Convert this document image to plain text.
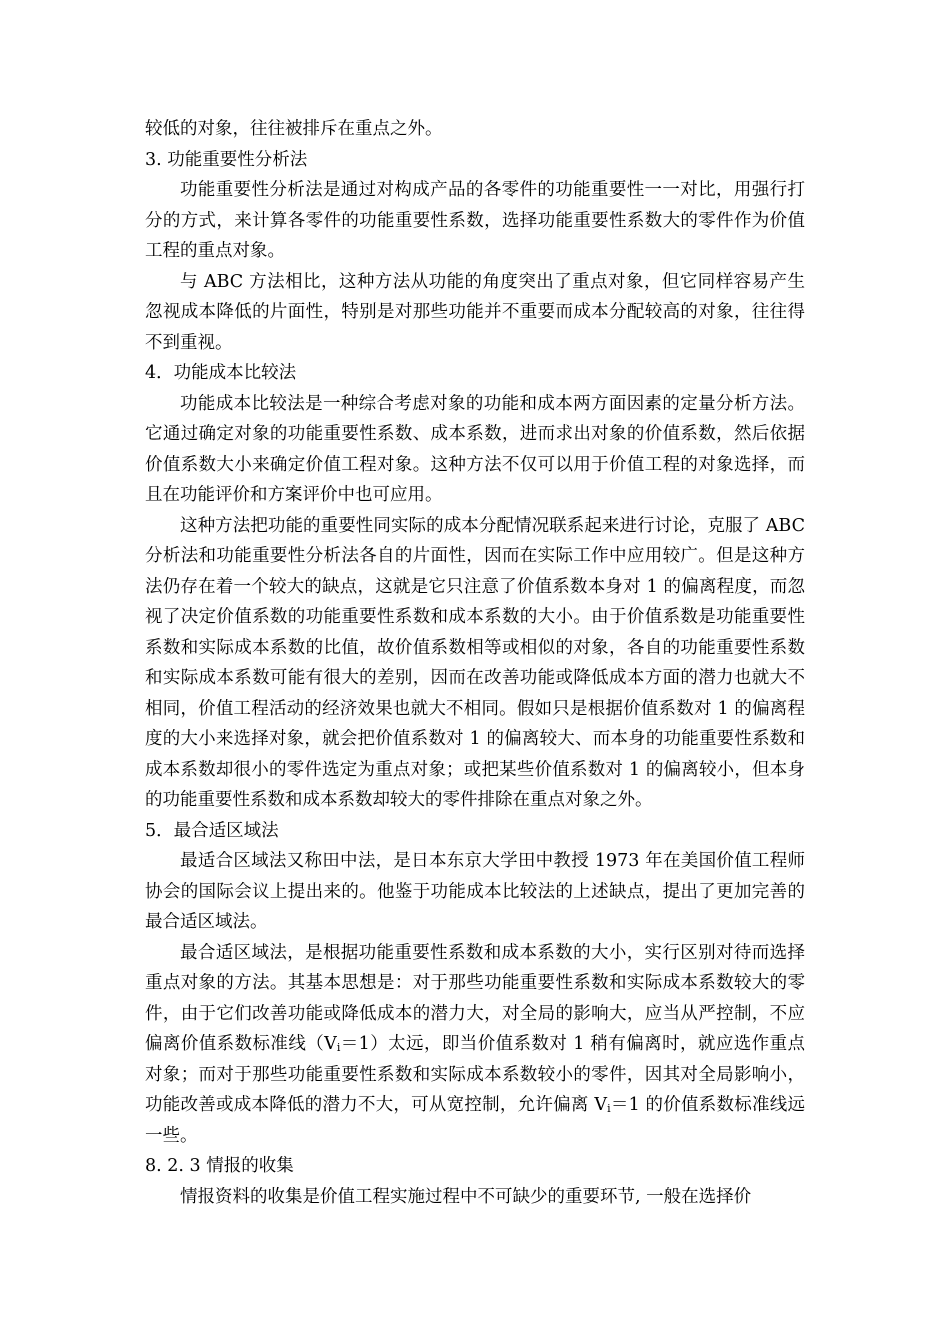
较低的对象，往往被排斥在重点之外。

3. 功能重要性分析法

功能重要性分析法是通过对构成产品的各零件的功能重要性一一对比，用强行打分的方式，来计算各零件的功能重要性系数，选择功能重要性系数大的零件作为价值工程的重点对象。

与 ABC 方法相比，这种方法从功能的角度突出了重点对象，但它同样容易产生忽视成本降低的片面性，特别是对那些功能并不重要而成本分配较高的对象，往往得不到重视。

4．功能成本比较法

功能成本比较法是一种综合考虑对象的功能和成本两方面因素的定量分析方法。它通过确定对象的功能重要性系数、成本系数，进而求出对象的价值系数，然后依据价值系数大小来确定价值工程对象。这种方法不仅可以用于价值工程的对象选择，而且在功能评价和方案评价中也可应用。

这种方法把功能的重要性同实际的成本分配情况联系起来进行讨论，克服了 ABC 分析法和功能重要性分析法各自的片面性，因而在实际工作中应用较广。但是这种方法仍存在着一个较大的缺点，这就是它只注意了价值系数本身对 1 的偏离程度，而忽视了决定价值系数的功能重要性系数和成本系数的大小。由于价值系数是功能重要性系数和实际成本系数的比值，故价值系数相等或相似的对象，各自的功能重要性系数和实际成本系数可能有很大的差别，因而在改善功能或降低成本方面的潜力也就大不相同，价值工程活动的经济效果也就大不相同。假如只是根据价值系数对 1 的偏离程度的大小来选择对象，就会把价值系数对 1 的偏离较大、而本身的功能重要性系数和成本系数却很小的零件选定为重点对象；或把某些价值系数对 1 的偏离较小，但本身的功能重要性系数和成本系数却较大的零件排除在重点对象之外。

5．最合适区域法

最适合区域法又称田中法，是日本东京大学田中教授 1973 年在美国价值工程师协会的国际会议上提出来的。他鉴于功能成本比较法的上述缺点，提出了更加完善的最合适区域法。

最合适区域法，是根据功能重要性系数和成本系数的大小，实行区别对待而选择重点对象的方法。其基本思想是：对于那些功能重要性系数和实际成本系数较大的零件，由于它们改善功能或降低成本的潜力大，对全局的影响大，应当从严控制，不应偏离价值系数标准线$(V_i=1)$太远，即当价值系数对 1 稍有偏离时，就应选作重点对象；而对于那些功能重要性系数和实际成本系数较小的零件，因其对全局影响小，功能改善或成本降低的潜力不大，可从宽控制，允许偏离 $V_i=1$ 的价值系数标准线远一些。

8. 2. 3 情报的收集

情报资料的收集是价值工程实施过程中不可缺少的重要环节, 一般在选择价
